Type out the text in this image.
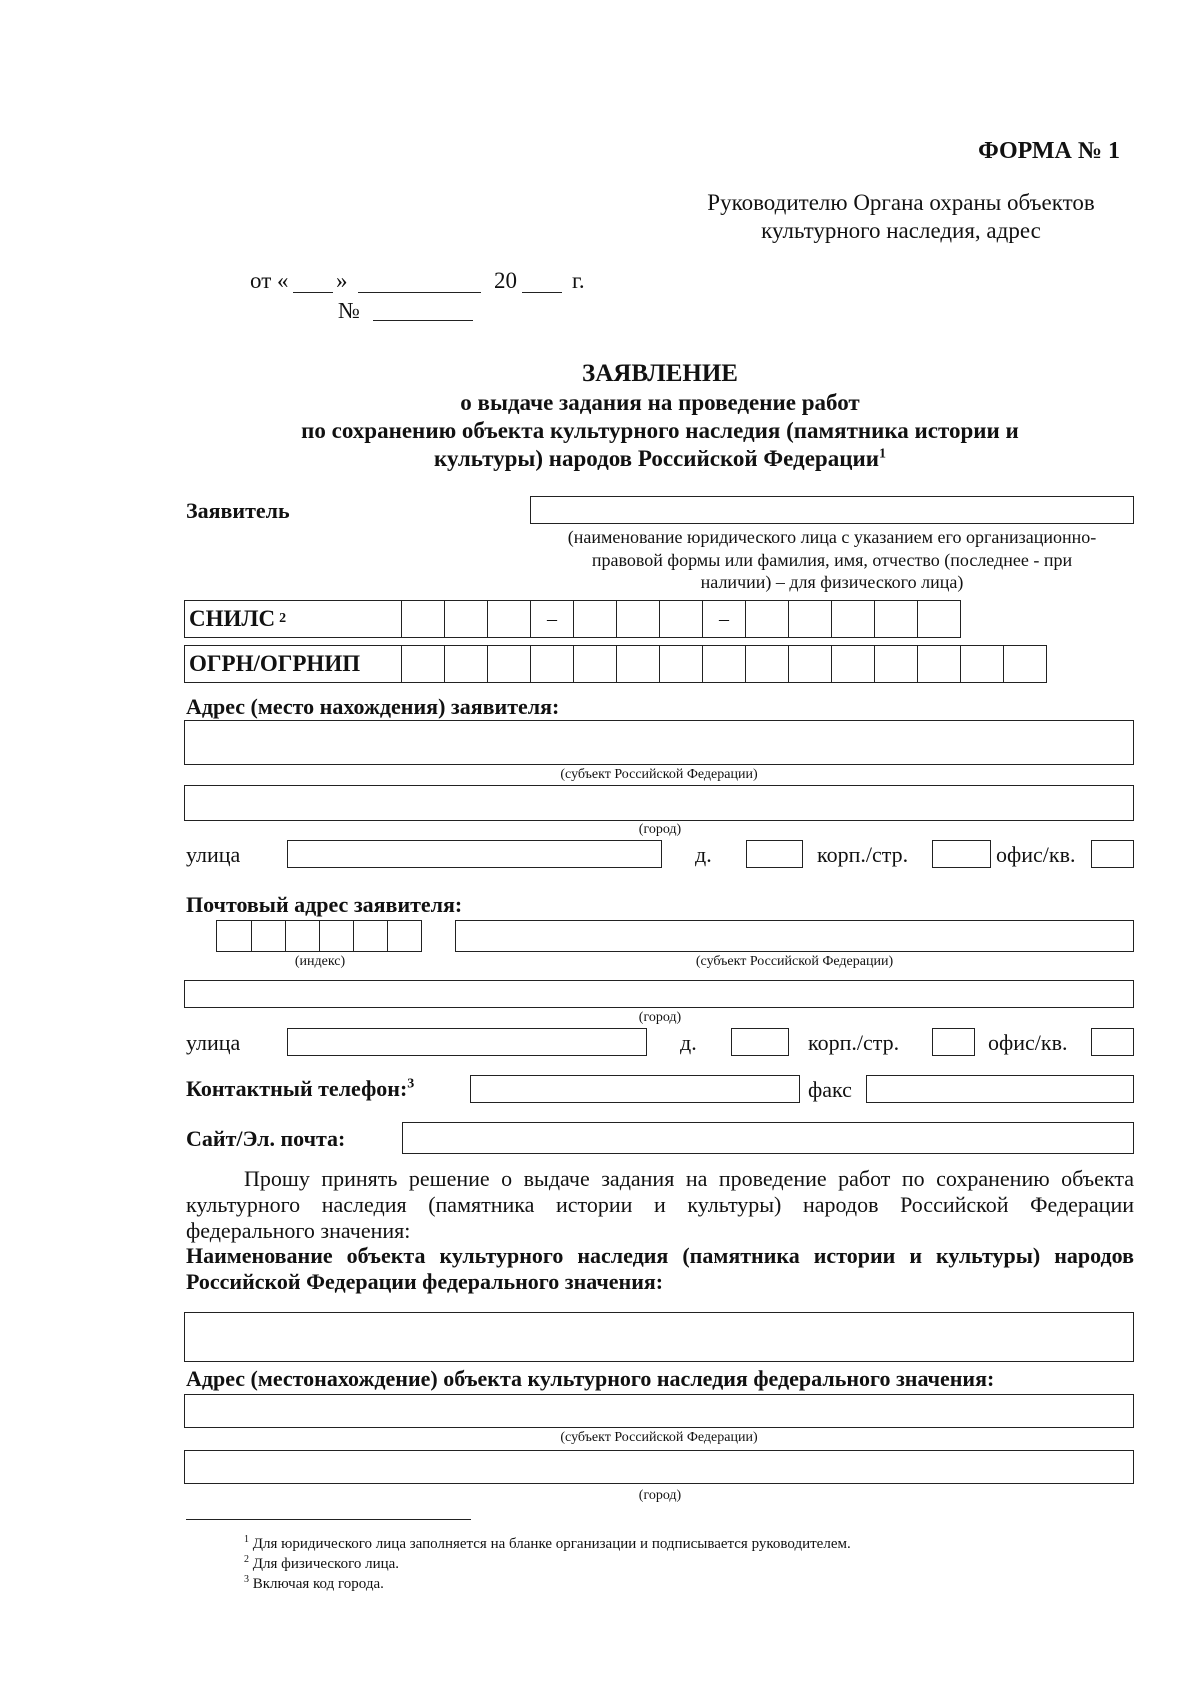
ФОРМА № 1
Руководителю Органа охраны объектов
культурного наследия, адрес
от « »	20 г.
№
ЗАЯВЛЕНИЕ
о выдаче задания на проведение работ
по сохранению объекта культурного наследия (памятника истории и
культуры) народов Российской Федерации$^1$
Заявитель
(наименование юридического лица с указанием его организационно-
правовой формы или фамилия, имя, отчество (последнее - при
наличии) – для физического лица)
СНИЛС 2	–	–
ОГРН/ОГРНИП
Адрес (место нахождения) заявителя:
(субъект Российской Федерации)
(город)
улица	д.	корп./стр.	офис/кв.
Почтовый адрес заявителя:
(индекс)	(субъект Российской Федерации)
(город)
улица	д.	корп./стр.	офис/кв.
Контактный телефон:$^3$	факс
Сайт/Эл. почта:
Прошу принять решение о выдаче задания на проведение работ по сохранению объекта культурного наследия (памятника истории и культуры) народов Российской Федерации федерального значения:
Наименование объекта культурного наследия (памятника истории и культуры) народов Российской Федерации федерального значения:
Адрес (местонахождение) объекта культурного наследия федерального значения:
(субъект Российской Федерации)
(город)
$^1$ Для юридического лица заполняется на бланке организации и подписывается руководителем.
$^2$ Для физического лица.
$^3$ Включая код города.
